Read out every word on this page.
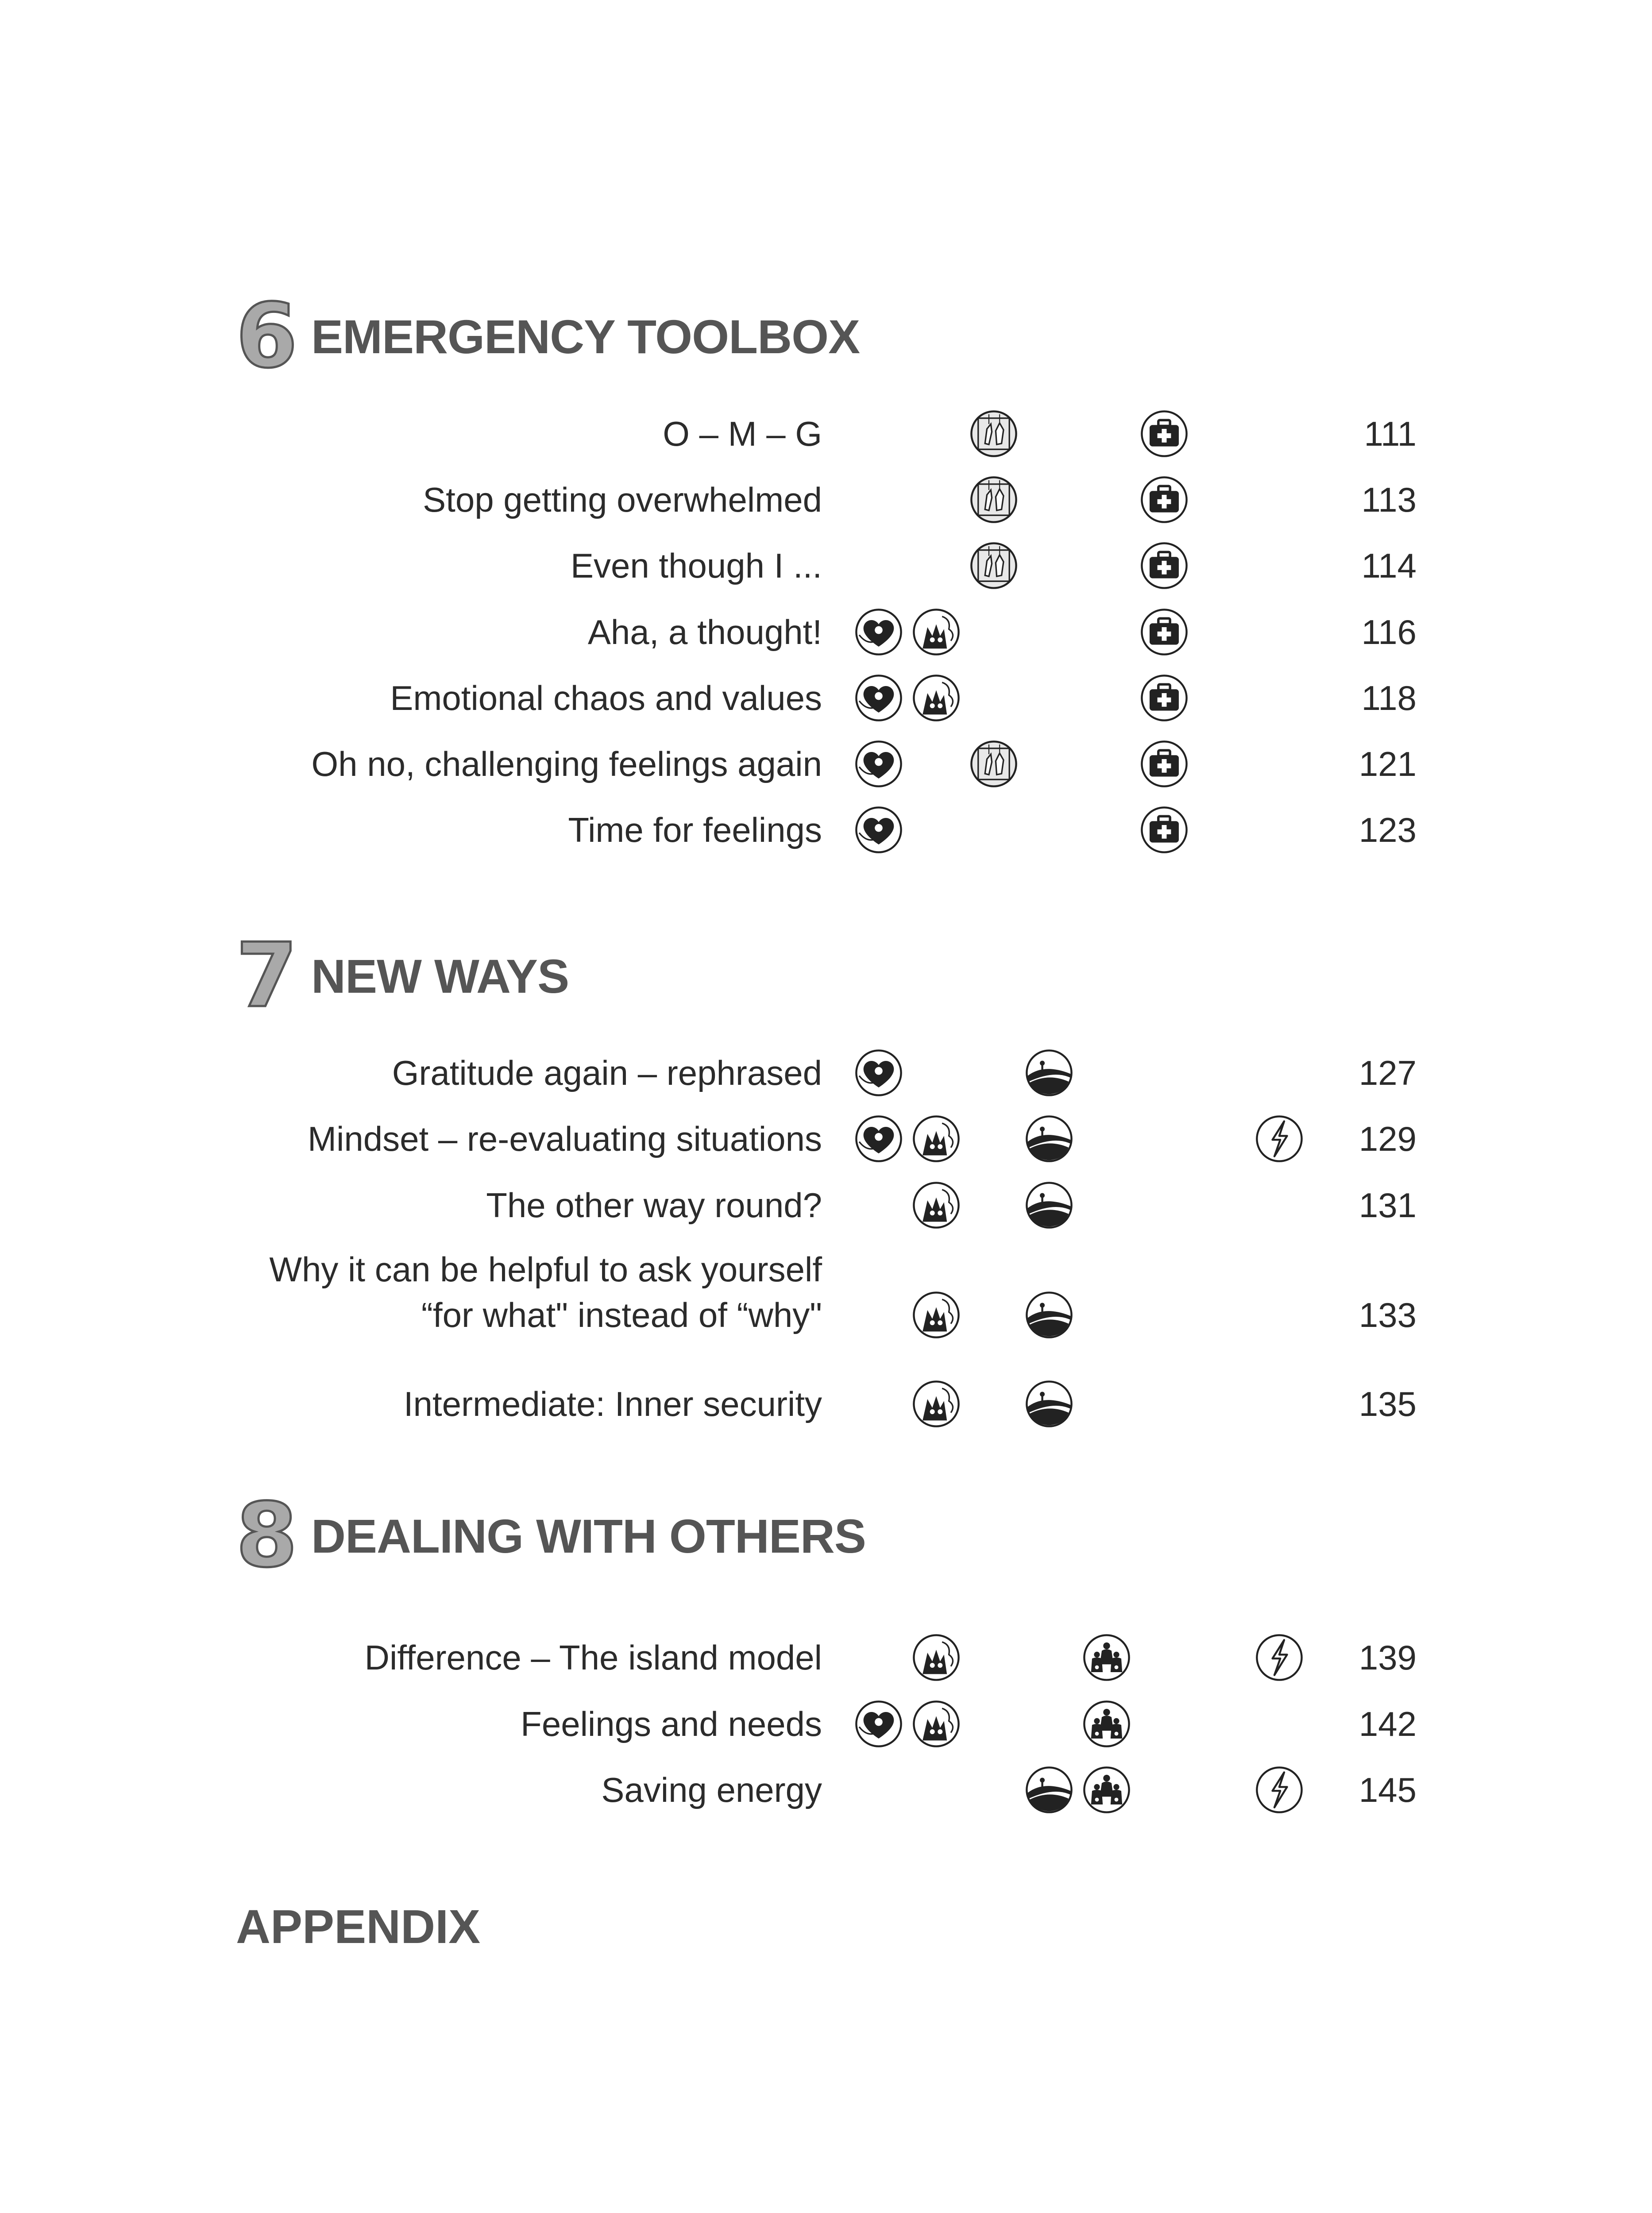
6 EMERGENCY TOOLBOX
O – M – G	111
Stop getting overwhelmed	113
Even though I ...	114
Aha, a thought!	116
Emotional chaos and values	118
Oh no, challenging feelings again	121
Time for feelings	123
7 NEW WAYS
Gratitude again – rephrased	127
Mindset – re-evaluating situations	129
The other way round?	131
Why it can be helpful to ask yourself
“for what" instead of “why"	133
Intermediate: Inner security	135
8 DEALING WITH OTHERS
Difference – The island model	139
Feelings and needs	142
Saving energy	145
APPENDIX
